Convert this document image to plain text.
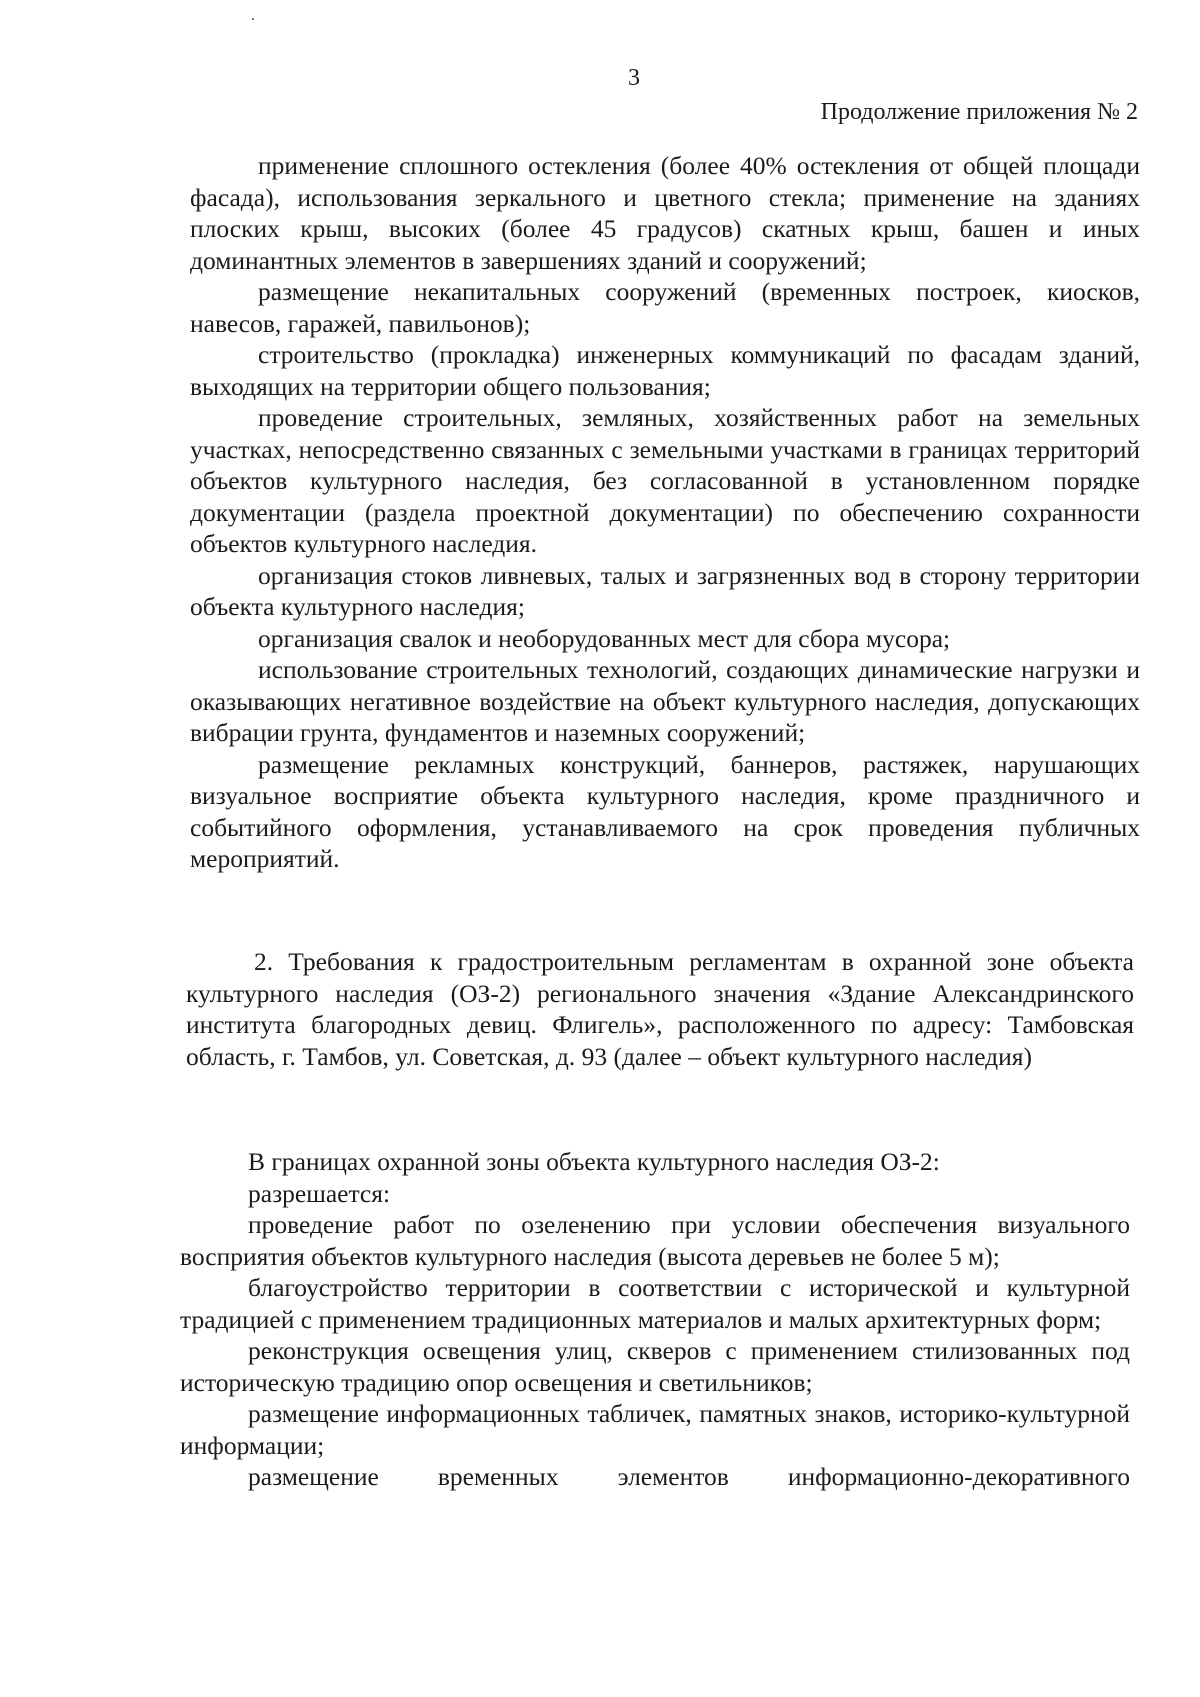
3
Продолжение приложения № 2

применение сплошного остекления (более 40% остекления от общей площади фасада), использования зеркального и цветного стекла; применение на зданиях плоских крыш, высоких (более 45 градусов) скатных крыш, башен и иных доминантных элементов в завершениях зданий и сооружений;

размещение некапитальных сооружений (временных построек, киосков, навесов, гаражей, павильонов);

строительство (прокладка) инженерных коммуникаций по фасадам зданий, выходящих на территории общего пользования;

проведение строительных, земляных, хозяйственных работ на земельных участках, непосредственно связанных с земельными участками в границах территорий объектов культурного наследия, без согласованной в установленном порядке документации (раздела проектной документации) по обеспечению сохранности объектов культурного наследия.

организация стоков ливневых, талых и загрязненных вод в сторону территории объекта культурного наследия;

организация свалок и необорудованных мест для сбора мусора;

использование строительных технологий, создающих динамические нагрузки и оказывающих негативное воздействие на объект культурного наследия, допускающих вибрации грунта, фундаментов и наземных сооружений;

размещение рекламных конструкций, баннеров, растяжек, нарушающих визуальное восприятие объекта культурного наследия, кроме праздничного и событийного оформления, устанавливаемого на срок проведения публичных мероприятий.

2. Требования к градостроительным регламентам в охранной зоне объекта культурного наследия (ОЗ-2) регионального значения «Здание Александринского института благородных девиц. Флигель», расположенного по адресу: Тамбовская область, г. Тамбов, ул. Советская, д. 93 (далее – объект культурного наследия)

В границах охранной зоны объекта культурного наследия ОЗ-2:

разрешается:

проведение работ по озеленению при условии обеспечения визуального восприятия объектов культурного наследия (высота деревьев не более 5 м);

благоустройство территории в соответствии с исторической и культурной традицией с применением традиционных материалов и малых архитектурных форм;

реконструкция освещения улиц, скверов с применением стилизованных под историческую традицию опор освещения и светильников;

размещение информационных табличек, памятных знаков, историко-культурной информации;

размещение временных элементов информационно-декоративного
